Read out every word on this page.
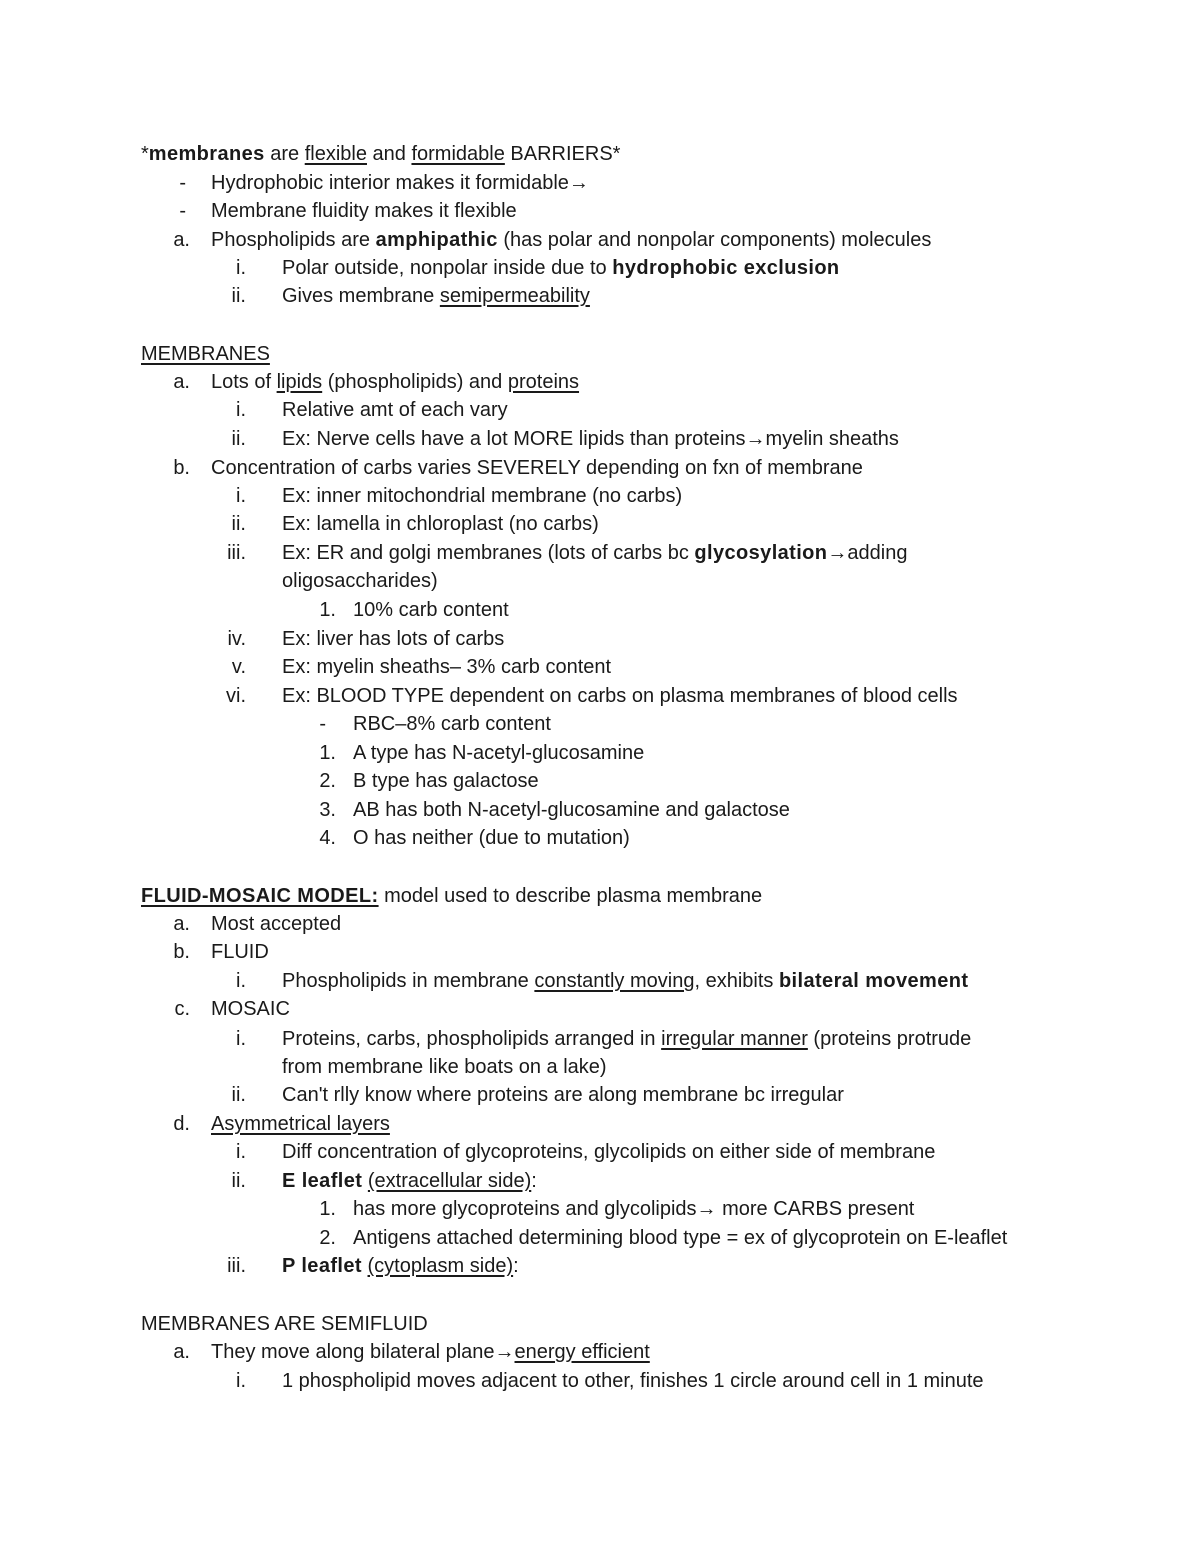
*membranes are flexible and formidable BARRIERS*
- Hydrophobic interior makes it formidable→
- Membrane fluidity makes it flexible
a. Phospholipids are amphipathic (has polar and nonpolar components) molecules
i. Polar outside, nonpolar inside due to hydrophobic exclusion
ii. Gives membrane semipermeability
MEMBRANES
a. Lots of lipids (phospholipids) and proteins
i. Relative amt of each vary
ii. Ex: Nerve cells have a lot MORE lipids than proteins→myelin sheaths
b. Concentration of carbs varies SEVERELY depending on fxn of membrane
i. Ex: inner mitochondrial membrane (no carbs)
ii. Ex: lamella in chloroplast (no carbs)
iii. Ex: ER and golgi membranes (lots of carbs bc glycosylation→adding
oligosaccharides)
1. 10% carb content
iv. Ex: liver has lots of carbs
v. Ex: myelin sheaths– 3% carb content
vi. Ex: BLOOD TYPE dependent on carbs on plasma membranes of blood cells
- RBC–8% carb content
1. A type has N-acetyl-glucosamine
2. B type has galactose
3. AB has both N-acetyl-glucosamine and galactose
4. O has neither (due to mutation)
FLUID-MOSAIC MODEL: model used to describe plasma membrane
a. Most accepted
b. FLUID
i. Phospholipids in membrane constantly moving, exhibits bilateral movement
c. MOSAIC
i. Proteins, carbs, phospholipids arranged in irregular manner (proteins protrude
from membrane like boats on a lake)
ii. Can't rlly know where proteins are along membrane bc irregular
d. Asymmetrical layers
i. Diff concentration of glycoproteins, glycolipids on either side of membrane
ii. E leaflet (extracellular side):
1. has more glycoproteins and glycolipids→ more CARBS present
2. Antigens attached determining blood type = ex of glycoprotein on E-leaflet
iii. P leaflet (cytoplasm side):
MEMBRANES ARE SEMIFLUID
a. They move along bilateral plane→energy efficient
i. 1 phospholipid moves adjacent to other, finishes 1 circle around cell in 1 minute
